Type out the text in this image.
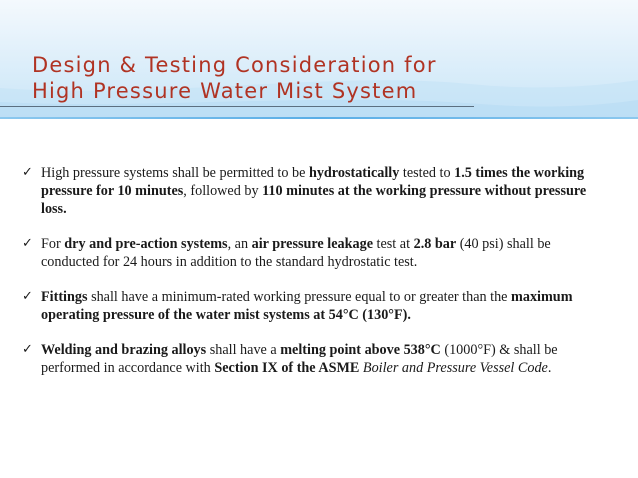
Design & Testing Consideration for
High Pressure Water Mist System
✓ High pressure systems shall be permitted to be hydrostatically tested to 1.5 times the working pressure for 10 minutes, followed by 110 minutes at the working pressure without pressure loss.
✓ For dry and pre-action systems, an air pressure leakage test at 2.8 bar (40 psi) shall be conducted for 24 hours in addition to the standard hydrostatic test.
✓ Fittings shall have a minimum-rated working pressure equal to or greater than the maximum operating pressure of the water mist systems at 54°C (130°F).
✓ Welding and brazing alloys shall have a melting point above 538°C (1000°F) & shall be performed in accordance with Section IX of the ASME Boiler and Pressure Vessel Code.
